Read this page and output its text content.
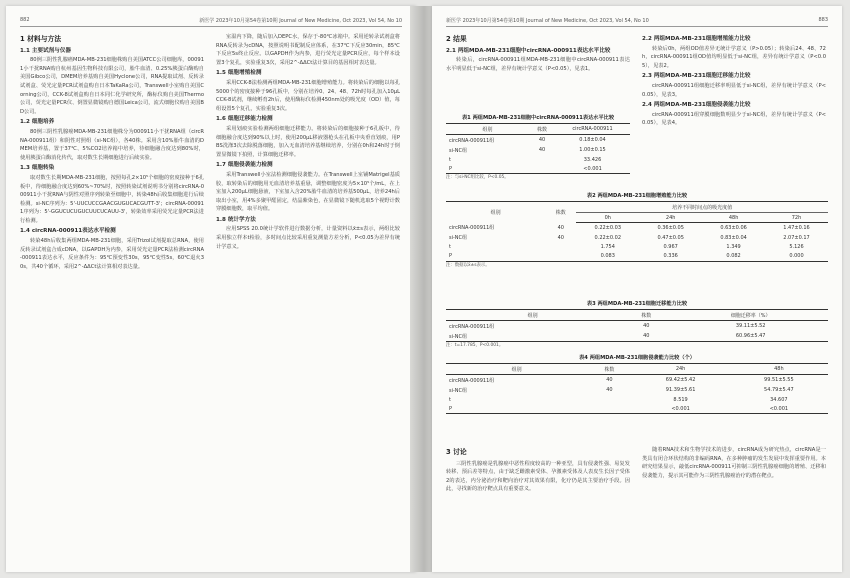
882	新医学 2023年10月第54卷第10期 Journal of New Medicine, Oct 2023, Vol 54, No 10
1 材料与方法
1.1 主要试剂与仪器

80例三阴性乳腺癌MDA-MB-231细胞株购自美国ATCC公司细胞库，000911小干扰RNA购自杭州基因生物科技有限公司，胎牛血清、0.25%胰蛋白酶购自美国Gibco公司，DMEM培养基购自美国Hyclone公司，RNA提取试剂、反转录试剂盒、荧光定量PCR试剂盒购自日本TaKaRa公司，Transwell小室购自美国Corning公司，CCK-8试剂盒购自日本同仁化学研究所，酶标仪购自美国Thermo公司，荧光定量PCR仪、倒置显微镜购自德国Leica公司，流式细胞仪购自美国BD公司。

1.2 细胞培养

80例三阴性乳腺癌MDA-MB-231细胞株分为000911小干扰RNA组（circRNA-000911组）和阴性对照组（si-NC组），各40株。采用含10%胎牛血清的DMEM培养基，置于37℃、5%CO2培养箱中培养，待细胞融合度达到80%时，使用胰蛋白酶消化传代，取对数生长期细胞进行后续实验。

1.3 细胞转染

取对数生长期MDA-MB-231细胞，按照每孔2×10⁵个细胞的密度接种于6孔板中，待细胞融合度达到60%~70%时，按照转染试剂说明书分别将circRNA-000911小干扰RNA与阴性对照序列转染至细胞中，转染48h后收集细胞进行后续检测。si-NC序列为：5'-UUCUCCGAACGUGUCACGUTT-3'；circRNA-000911序列为：5'-GGUCUCUGUCUUCUCAUU-3'，转染效率采用荧光定量PCR法进行检测。

1.4 circRNA-000911表达水平检测

转染48h后收集两组MDA-MB-231细胞，采用Trizol试剂提取总RNA，使用反转录试剂盒合成cDNA，以GAPDH为内参，采用荧光定量PCR法检测circRNA-000911表达水平，反应条件为：95℃预变性30s，95℃变性5s，60℃退火30s，共40个循环，采用2^-ΔΔCt法计算相对表达量。

室温内下降，随后加入DEPC水，保存于-80℃冰箱中。采用逆转录试剂盒将RNA反转录为cDNA，按照说明书配制反应体系，在37℃下反应30min，85℃下反应5s终止反应。以GAPDH作为内参，进行荧光定量PCR反应，每个样本设置3个复孔，实验重复3次，采用2^-ΔΔCt法计算目的基因相对表达量。

1.5 细胞增殖检测

采用CCK-8法检测两组MDA-MB-231细胞增殖能力。将转染后的细胞以每孔5000个的密度接种于96孔板中，分别在培养0、24、48、72h时每孔加入10μL CCK-8试剂，继续孵育2h后，使用酶标仪检测450nm处的吸光度（OD）值，每组设置5个复孔，实验重复3次。

1.6 细胞迁移能力检测

采用划痕实验检测两组细胞迁移能力。将转染后的细胞接种于6孔板中，待细胞融合度达到90%以上时，使用200μL移液器枪头在孔板中央垂直划痕，用PBS洗涤3次去除脱落细胞，加入无血清培养基继续培养，分别在0h和24h时于倒置显微镜下拍照，计算细胞迁移率。

1.7 细胞侵袭能力检测

采用Transwell小室法检测细胞侵袭能力。在Transwell上室铺Matrigel基质胶，取转染后的细胞用无血清培养基重悬，调整细胞密度为5×10⁵个/mL，在上室加入200μL细胞悬液，下室加入含20%胎牛血清的培养基500μL，培养24h后取出小室，用4%多聚甲醛固定，结晶紫染色，在显微镜下随机选取5个视野计数穿膜细胞数，取平均值。

1.8 统计学方法

应用SPSS 20.0统计学软件进行数据分析，计量资料以x̄±s表示，两组比较采用独立样本t检验，多时间点比较采用重复测量方差分析，P<0.05为差异有统计学意义。

新医学 2023年10月第54卷第10期 Journal of New Medicine, Oct 2023, Vol 54, No 10	883
2 结果
2.1 两组MDA-MB-231细胞中circRNA-000911表达水平比较

转染后，circRNA-000911组MDA-MB-231细胞中circRNA-000911表达水平明显低于si-NC组，差异有统计学意义（P<0.05），见表1。

2.2 两组MDA-MB-231细胞增殖能力比较

转染后0h，两组OD值差异无统计学意义（P>0.05）；转染后24、48、72h，circRNA-000911组OD值均明显低于si-NC组，差异有统计学意义（P<0.05），见表2。

2.3 两组MDA-MB-231细胞迁移能力比较

circRNA-000911组细胞迁移率明显低于si-NC组，差异有统计学意义（P<0.05），见表3。

2.4 两组MDA-MB-231细胞侵袭能力比较

circRNA-000911组穿膜细胞数明显少于si-NC组，差异有统计学意义（P<0.05），见表4。

表1 两组MDA-MB-231细胞中circRNA-000911表达水平比较
组别	株数	circRNA-000911
circRNA-000911组	40	0.18±0.04
si-NC组	40	1.00±0.15
t		33.426
P		<0.001
注：与si-NC组比较，P<0.05。
表2 两组MDA-MB-231细胞增殖能力比较
组别	株数	培养不同时间点的吸光度值			
		0h	24h	48h	72h
circRNA-000911组	40	0.22±0.03	0.36±0.05	0.63±0.06	1.47±0.16
si-NC组	40	0.22±0.02	0.47±0.05	0.83±0.04	2.07±0.17
t		1.754	0.967	1.349	5.126
P		0.083	0.336	0.082	0.000
注：数据以x̄±s表示。
表3 两组MDA-MB-231细胞迁移能力比较
组别	株数	细胞迁移率（%）
circRNA-000911组	40	39.11±5.52
si-NC组	40	60.96±5.47
注：t=17.785，P<0.001。
表4 两组MDA-MB-231细胞侵袭能力比较（个）
组别	株数	24h	48h
circRNA-000911组	40	69.42±5.42	99.51±5.55
si-NC组	40	91.39±5.61	54.79±5.47
t		8.519	34.607
P		<0.001	<0.001
3 讨论

三阴性乳腺癌是乳腺癌中恶性程度较高的一种亚型，具有侵袭性强、易复发转移、预后差等特点，由于缺乏雌激素受体、孕激素受体及人表皮生长因子受体2的表达，内分泌治疗和靶向治疗对其效果有限，化疗仍是其主要治疗手段。因此，寻找新的治疗靶点具有重要意义。

随着RNA技术和生物学技术的进步，circRNA成为研究热点，circRNA是一类具有闭合环状结构的非编码RNA，在多种肿瘤的发生发展中发挥重要作用。本研究结果显示，敲低circRNA-000911可抑制三阴性乳腺癌细胞的增殖、迁移和侵袭能力，提示其可能作为三阴性乳腺癌治疗的潜在靶点。
